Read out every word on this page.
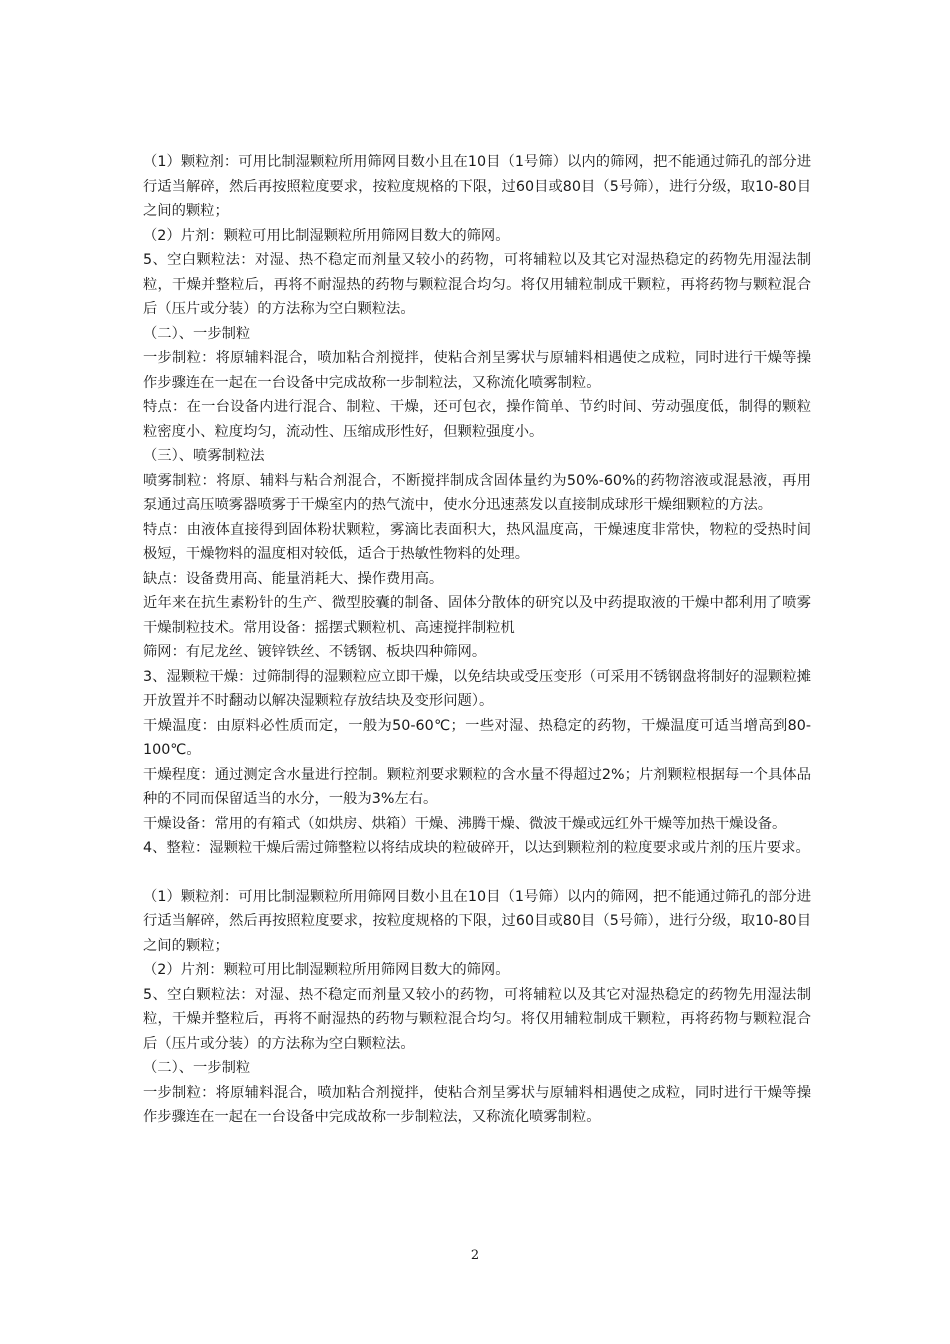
（1）颗粒剂：可用比制湿颗粒所用筛网目数小且在10目（1号筛）以内的筛网，把不能通过筛孔的部分进行适当解碎，然后再按照粒度要求，按粒度规格的下限，过60目或80目（5号筛），进行分级，取10-80目之间的颗粒；

（2）片剂：颗粒可用比制湿颗粒所用筛网目数大的筛网。

5、空白颗粒法：对湿、热不稳定而剂量又较小的药物，可将辅粒以及其它对湿热稳定的药物先用湿法制粒，干燥并整粒后，再将不耐湿热的药物与颗粒混合均匀。将仅用辅粒制成干颗粒，再将药物与颗粒混合后（压片或分装）的方法称为空白颗粒法。

（二）、一步制粒

一步制粒：将原辅料混合，喷加粘合剂搅拌，使粘合剂呈雾状与原辅料相遇使之成粒，同时进行干燥等操作步骤连在一起在一台设备中完成故称一步制粒法，又称流化喷雾制粒。

特点：在一台设备内进行混合、制粒、干燥，还可包衣，操作简单、节约时间、劳动强度低，制得的颗粒粒密度小、粒度均匀，流动性、压缩成形性好，但颗粒强度小。

（三）、喷雾制粒法

喷雾制粒：将原、辅料与粘合剂混合，不断搅拌制成含固体量约为50%-60%的药物溶液或混悬液，再用泵通过高压喷雾器喷雾于干燥室内的热气流中，使水分迅速蒸发以直接制成球形干燥细颗粒的方法。

特点：由液体直接得到固体粉状颗粒，雾滴比表面积大，热风温度高，干燥速度非常快，物粒的受热时间极短，干燥物料的温度相对较低，适合于热敏性物料的处理。

缺点：设备费用高、能量消耗大、操作费用高。

近年来在抗生素粉针的生产、微型胶囊的制备、固体分散体的研究以及中药提取液的干燥中都利用了喷雾干燥制粒技术。常用设备：摇摆式颗粒机、高速搅拌制粒机

筛网：有尼龙丝、镀锌铁丝、不锈钢、板块四种筛网。

3、湿颗粒干燥：过筛制得的湿颗粒应立即干燥，以免结块或受压变形（可采用不锈钢盘将制好的湿颗粒摊开放置并不时翻动以解决湿颗粒存放结块及变形问题）。

干燥温度：由原料必性质而定，一般为50-60℃；一些对湿、热稳定的药物，干燥温度可适当增高到80-100℃。

干燥程度：通过测定含水量进行控制。颗粒剂要求颗粒的含水量不得超过2%；片剂颗粒根据每一个具体品种的不同而保留适当的水分，一般为3%左右。

干燥设备：常用的有箱式（如烘房、烘箱）干燥、沸腾干燥、微波干燥或远红外干燥等加热干燥设备。

4、整粒：湿颗粒干燥后需过筛整粒以将结成块的粒破碎开，以达到颗粒剂的粒度要求或片剂的压片要求。

（1）颗粒剂：可用比制湿颗粒所用筛网目数小且在10目（1号筛）以内的筛网，把不能通过筛孔的部分进行适当解碎，然后再按照粒度要求，按粒度规格的下限，过60目或80目（5号筛），进行分级，取10-80目之间的颗粒；

（2）片剂：颗粒可用比制湿颗粒所用筛网目数大的筛网。

5、空白颗粒法：对湿、热不稳定而剂量又较小的药物，可将辅粒以及其它对湿热稳定的药物先用湿法制粒，干燥并整粒后，再将不耐湿热的药物与颗粒混合均匀。将仅用辅粒制成干颗粒，再将药物与颗粒混合后（压片或分装）的方法称为空白颗粒法。

（二）、一步制粒

一步制粒：将原辅料混合，喷加粘合剂搅拌，使粘合剂呈雾状与原辅料相遇使之成粒，同时进行干燥等操作步骤连在一起在一台设备中完成故称一步制粒法，又称流化喷雾制粒。

2
